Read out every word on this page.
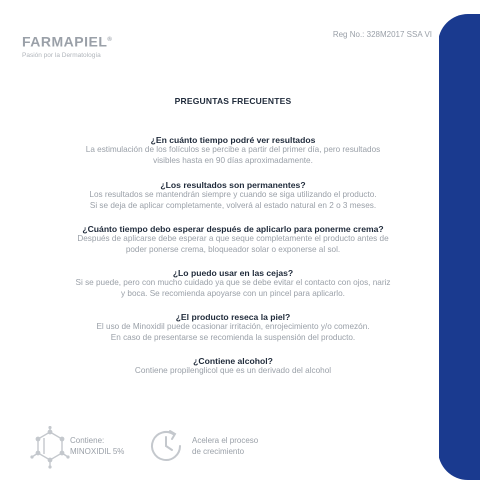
FARMAPIEL®
Pasión por la Dermatología
Reg No.: 328M2017 SSA VI
PREGUNTAS FRECUENTES
¿En cuánto tiempo podré ver resultados
La estimulación de los folículos se percibe a partir del primer día, pero resultados
visibles hasta en 90 días aproximadamente.
¿Los resultados son permanentes?
Los resultados se mantendrán siempre y cuando se siga utilizando el producto.
Si se deja de aplicar completamente, volverá al estado natural en 2 o 3 meses.
¿Cuánto tiempo debo esperar después de aplicarlo para ponerme crema?
Después de aplicarse debe esperar a que seque completamente el producto antes de
poder ponerse crema, bloqueador solar o exponerse al sol.
¿Lo puedo usar en las cejas?
Si se puede, pero con mucho cuidado ya que se debe evitar el contacto con ojos, nariz
y boca. Se recomienda apoyarse con un pincel para aplicarlo.
¿El producto reseca la piel?
El uso de Minoxidil puede ocasionar irritación, enrojecimiento y/o comezón.
En caso de presentarse se recomienda la suspensión del producto.
¿Contiene alcohol?
Contiene propilenglicol que es un derivado del alcohol
Contiene:
MINOXIDIL 5%
Acelera el proceso
de crecimiento
